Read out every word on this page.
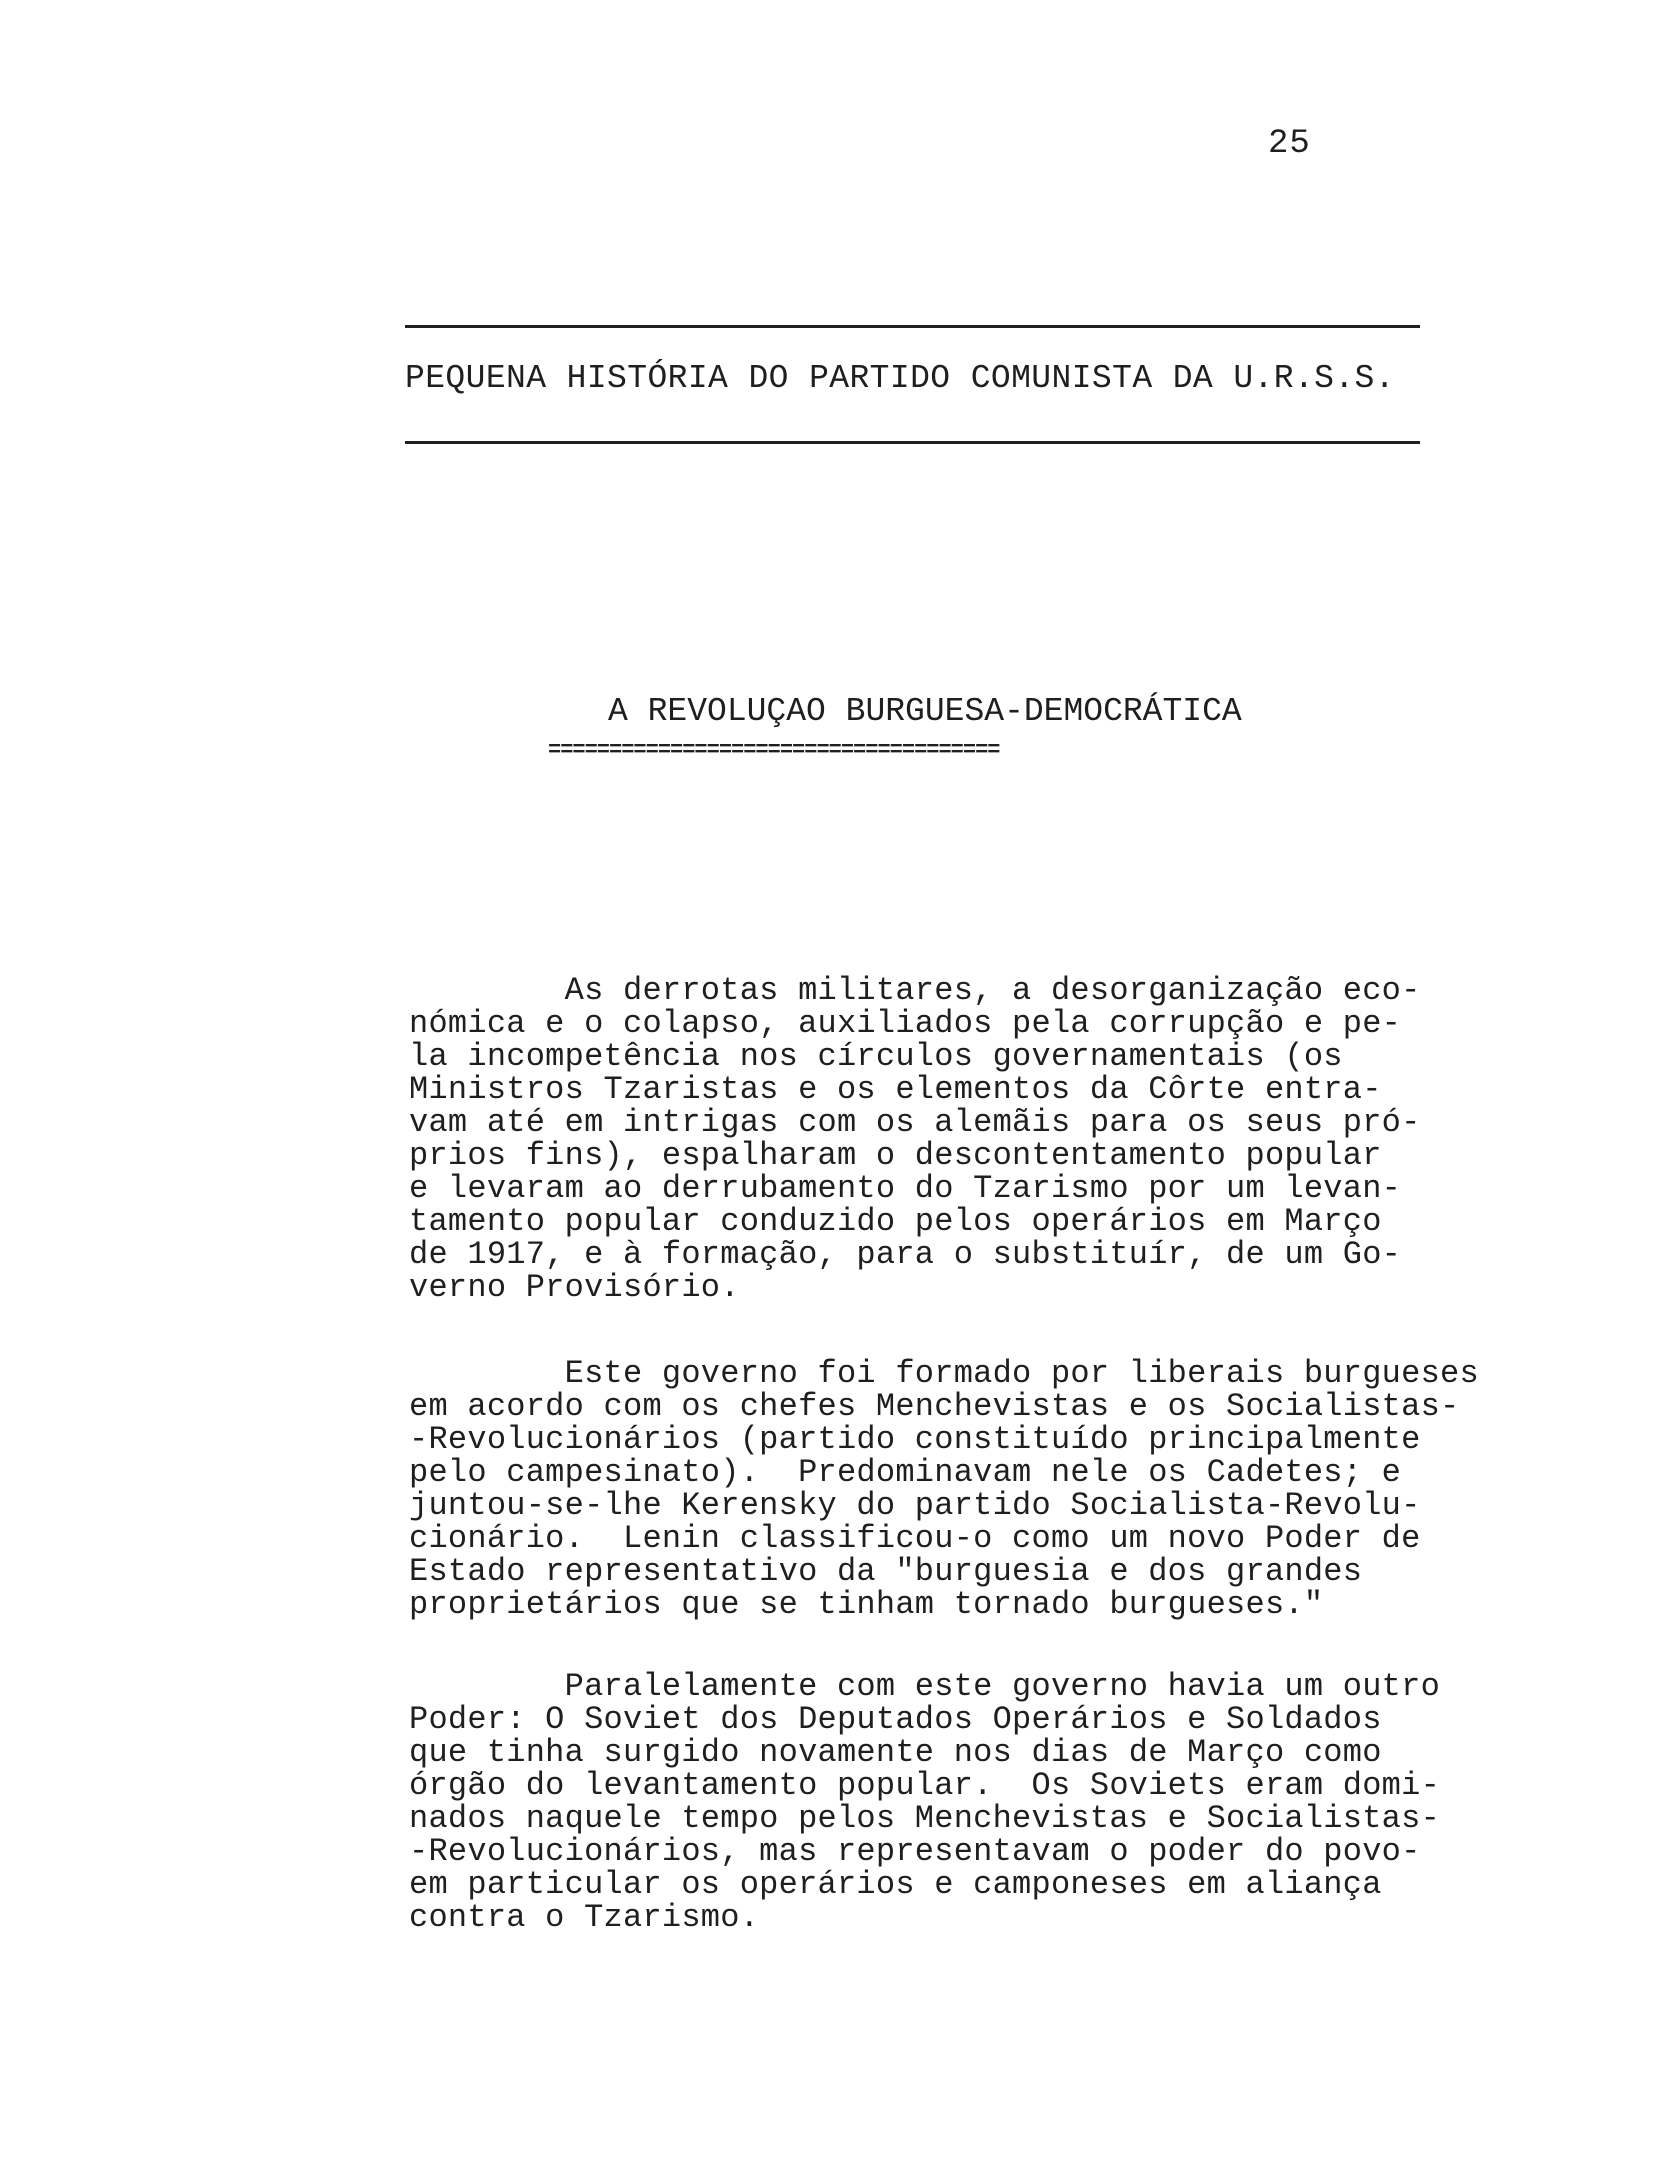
25
PEQUENA HISTÓRIA DO PARTIDO COMUNISTA DA U.R.S.S.
A REVOLUÇAO BURGUESA-DEMOCRÁTICA
=====================================
As derrotas militares, a desorganização eco-
nómica e o colapso, auxiliados pela corrupção e pe-
la incompetência nos círculos governamentais (os
Ministros Tzaristas e os elementos da Côrte entra-
vam até em intrigas com os alemãis para os seus pró-
prios fins), espalharam o descontentamento popular
e levaram ao derrubamento do Tzarismo por um levan-
tamento popular conduzido pelos operários em Março
de 1917, e à formação, para o substituír, de um Go-
verno Provisório.
Este governo foi formado por liberais burgueses
em acordo com os chefes Menchevistas e os Socialistas-
-Revolucionários (partido constituído principalmente
pelo campesinato).  Predominavam nele os Cadetes; e
juntou-se-lhe Kerensky do partido Socialista-Revolu-
cionário.  Lenin classificou-o como um novo Poder de
Estado representativo da "burguesia e dos grandes
proprietários que se tinham tornado burgueses."
Paralelamente com este governo havia um outro
Poder: O Soviet dos Deputados Operários e Soldados
que tinha surgido novamente nos dias de Março como
órgão do levantamento popular.  Os Soviets eram domi-
nados naquele tempo pelos Menchevistas e Socialistas-
-Revolucionários, mas representavam o poder do povo-
em particular os operários e camponeses em aliança
contra o Tzarismo.
